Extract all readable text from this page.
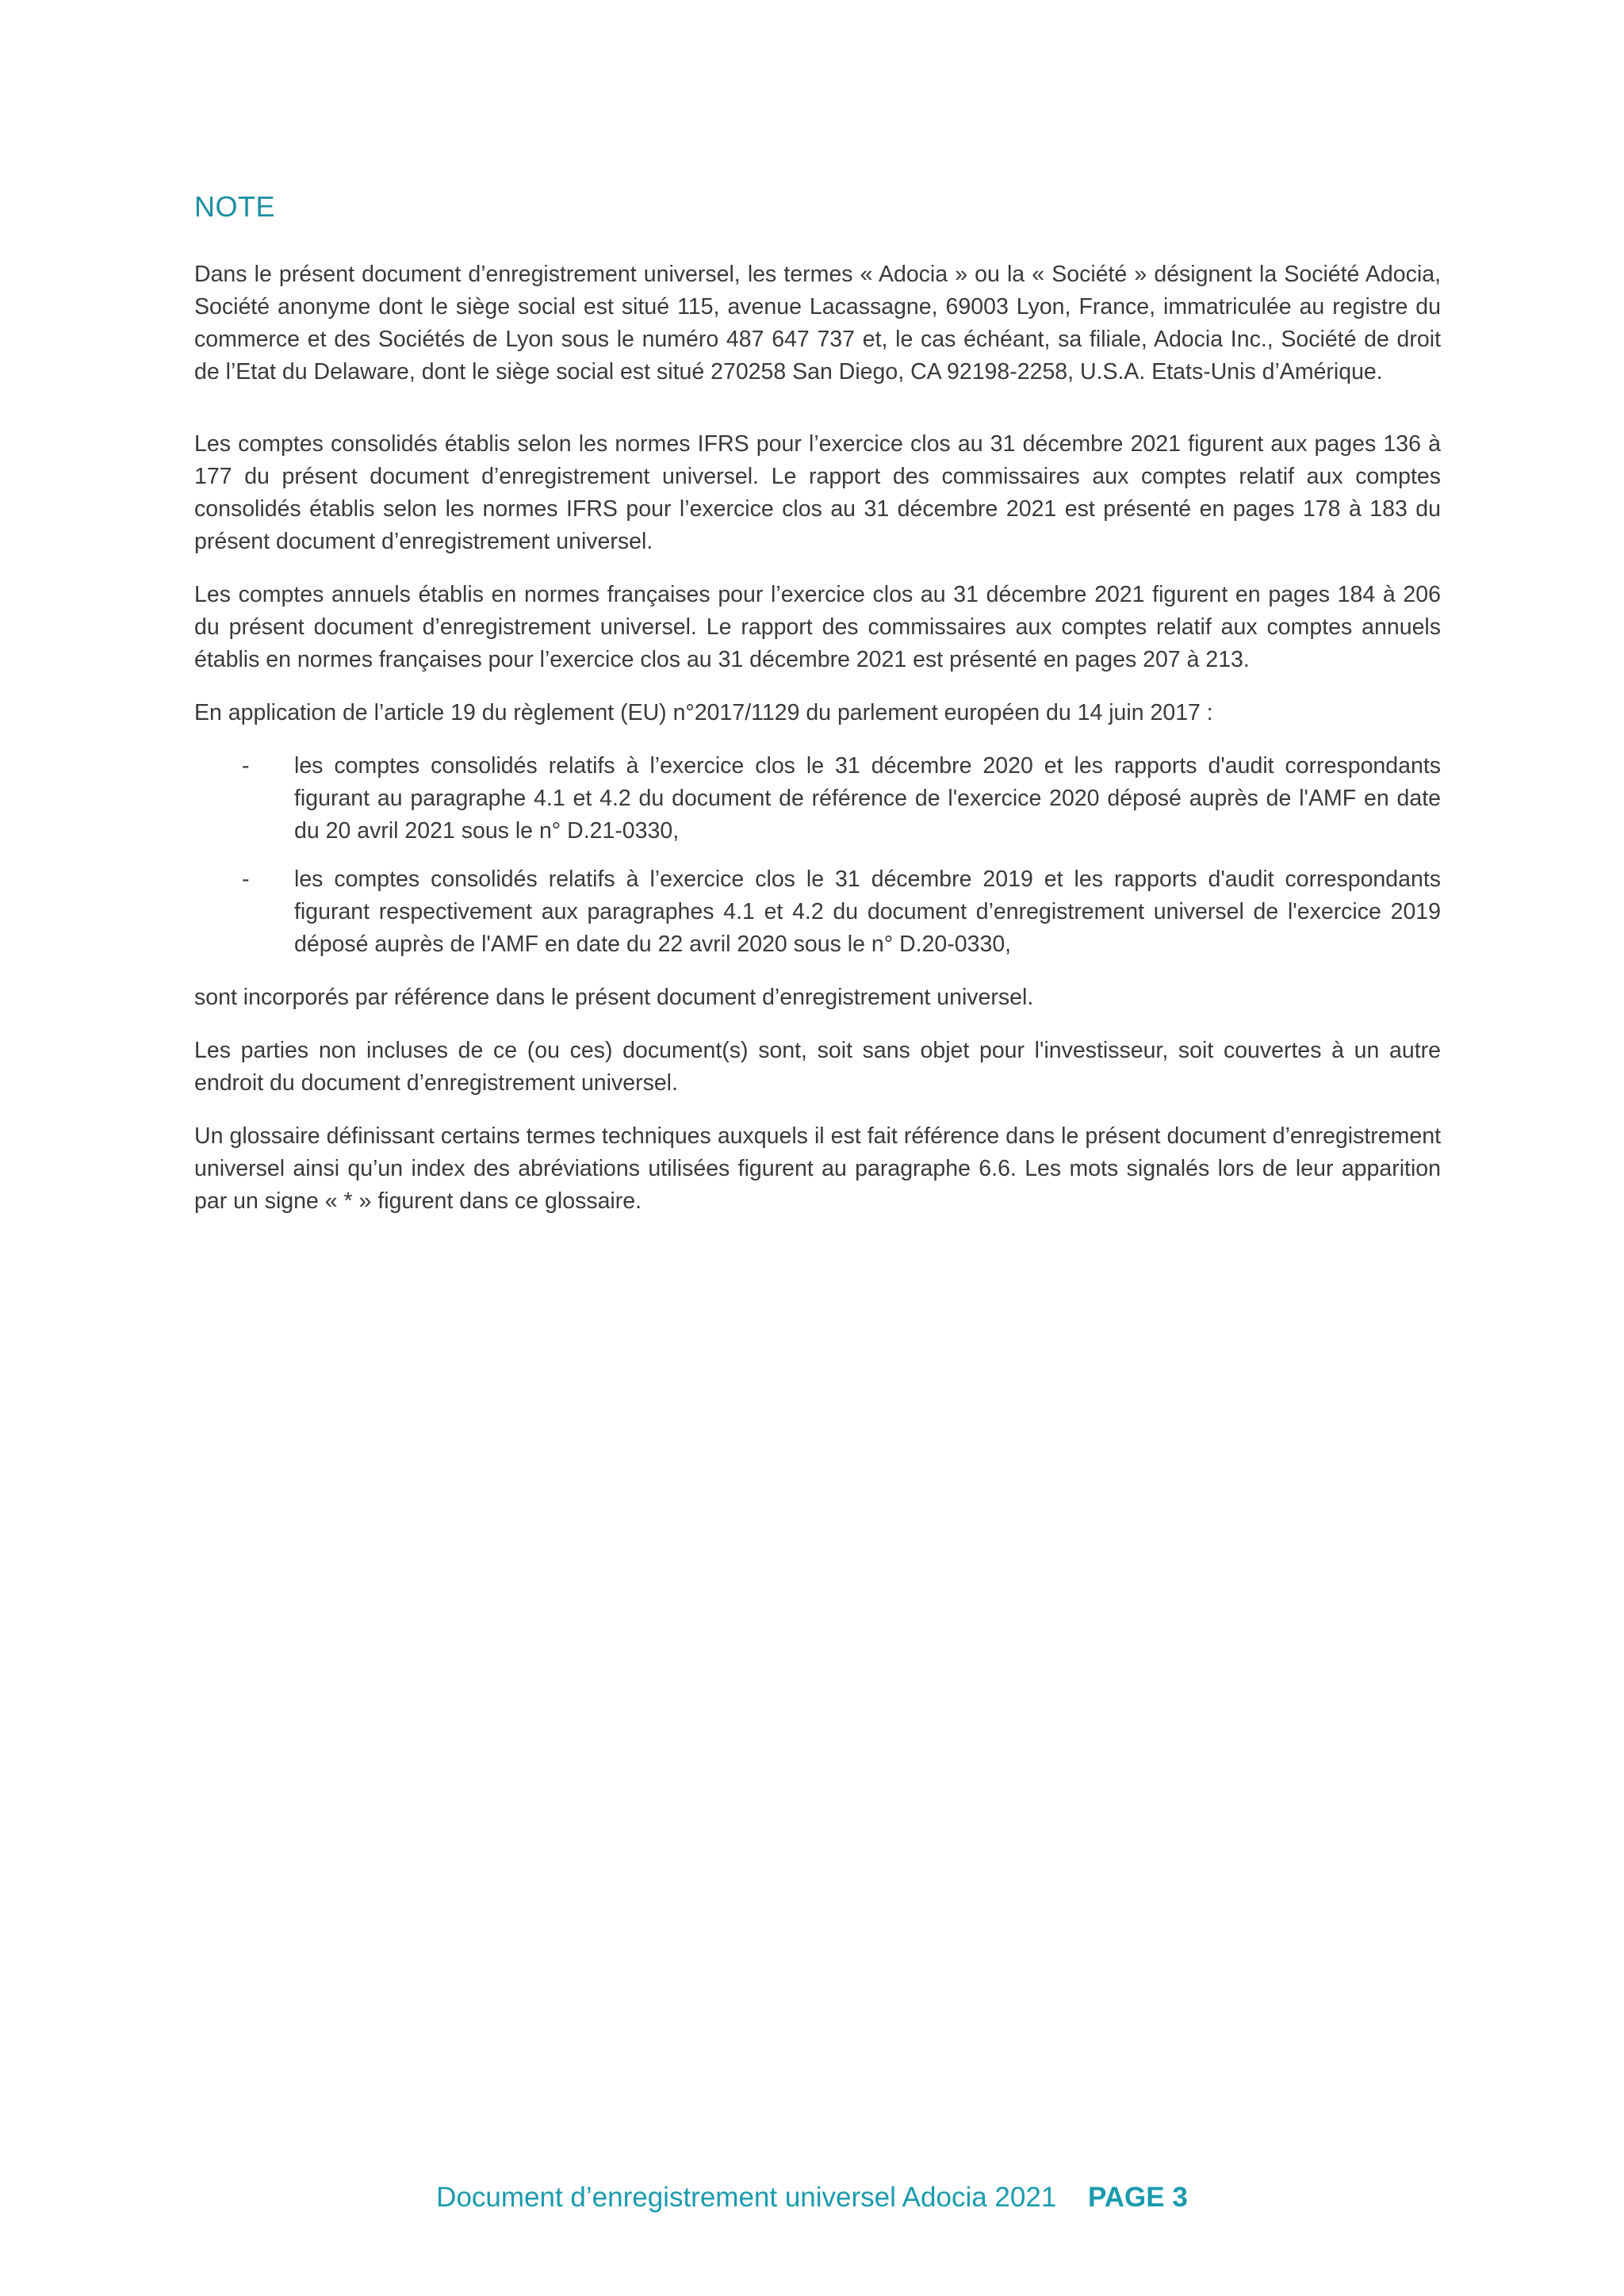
NOTE

Dans le présent document d’enregistrement universel, les termes « Adocia » ou la « Société » désignent la Société Adocia, Société anonyme dont le siège social est situé 115, avenue Lacassagne, 69003 Lyon, France, immatriculée au registre du commerce et des Sociétés de Lyon sous le numéro 487 647 737 et, le cas échéant, sa filiale, Adocia Inc., Société de droit de l’Etat du Delaware, dont le siège social est situé 270258 San Diego, CA 92198-2258, U.S.A. Etats-Unis d’Amérique.

Les comptes consolidés établis selon les normes IFRS pour l’exercice clos au 31 décembre 2021 figurent aux pages 136 à 177 du présent document d’enregistrement universel. Le rapport des commissaires aux comptes relatif aux comptes consolidés établis selon les normes IFRS pour l’exercice clos au 31 décembre 2021 est présenté en pages 178 à 183 du présent document d’enregistrement universel.

Les comptes annuels établis en normes françaises pour l’exercice clos au 31 décembre 2021 figurent en pages 184 à 206 du présent document d’enregistrement universel. Le rapport des commissaires aux comptes relatif aux comptes annuels établis en normes françaises pour l’exercice clos au 31 décembre 2021 est présenté en pages 207 à 213.

En application de l’article 19 du règlement (EU) n°2017/1129 du parlement européen du 14 juin 2017 :

- les comptes consolidés relatifs à l’exercice clos le 31 décembre 2020 et les rapports d'audit correspondants figurant au paragraphe 4.1 et 4.2 du document de référence de l'exercice 2020 déposé auprès de l'AMF en date du 20 avril 2021 sous le n° D.21-0330,
- les comptes consolidés relatifs à l’exercice clos le 31 décembre 2019 et les rapports d'audit correspondants figurant respectivement aux paragraphes 4.1 et 4.2 du document d’enregistrement universel de l'exercice 2019 déposé auprès de l'AMF en date du 22 avril 2020 sous le n° D.20-0330,

sont incorporés par référence dans le présent document d’enregistrement universel.

Les parties non incluses de ce (ou ces) document(s) sont, soit sans objet pour l'investisseur, soit couvertes à un autre endroit du document d’enregistrement universel.

Un glossaire définissant certains termes techniques auxquels il est fait référence dans le présent document d’enregistrement universel ainsi qu’un index des abréviations utilisées figurent au paragraphe 6.6. Les mots signalés lors de leur apparition par un signe « * » figurent dans ce glossaire.

Document d’enregistrement universel Adocia 2021 PAGE 3
